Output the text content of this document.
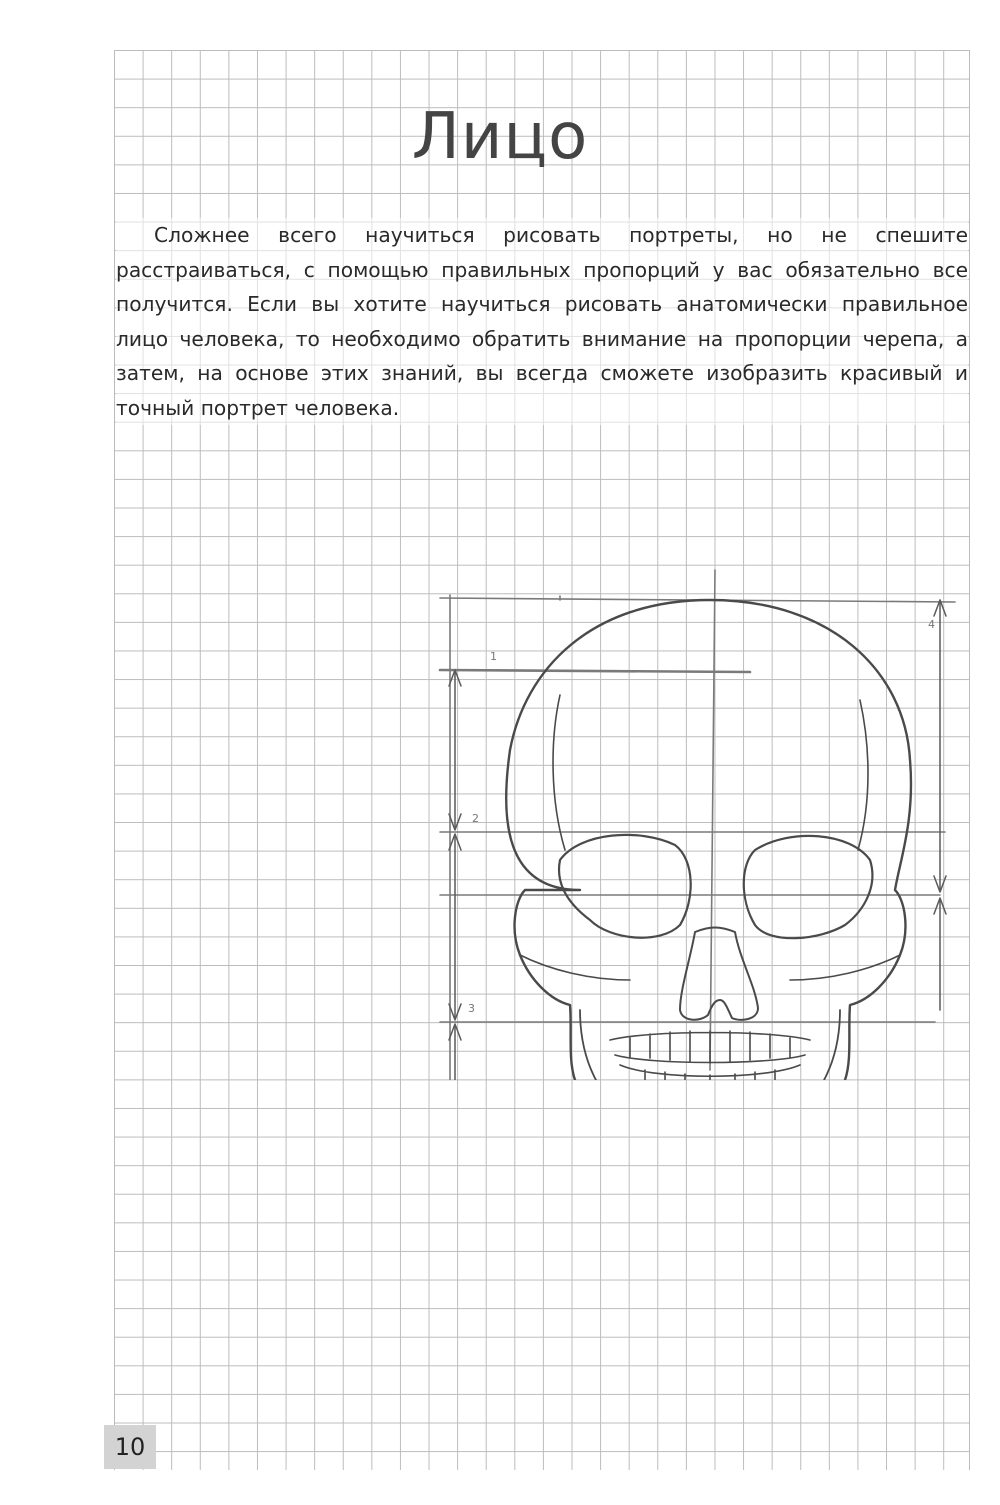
Лицо
Сложнее всего научиться рисовать портреты, но не спешите расстраиваться, с помощью правильных пропорций у вас обязательно все получится. Если вы хотите научиться рисовать анатомически правильное лицо человека, то необходимо обратить внимание на пропорции черепа, а затем, на основе этих знаний, вы всегда сможете изобразить красивый и точный портрет человека.
1
2
3
4
10
